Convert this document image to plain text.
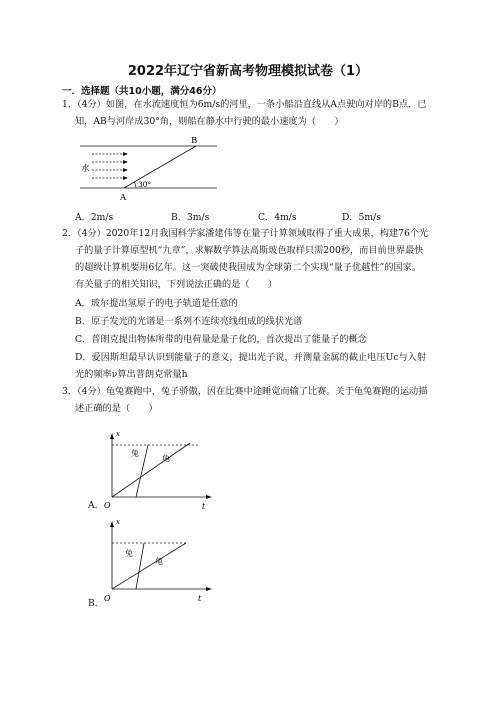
2022年辽宁省新高考物理模拟试卷（1）
一．选择题（共10小题，满分46分）
1．（4分）如图，在水流速度恒为6m/s的河里，一条小船沿直线从A点驶向对岸的B点．已
知，AB与河岸成30°角，则船在静水中行驶的最小速度为（　　）
B
A
水
30°
A．2m/s	B．3m/s	C．4m/s	D．5m/s
2．（4分）2020年12月我国科学家潘建伟等在量子计算领域取得了重大成果，构建76个光
子的量子计算原型机“九章”，求解数学算法高斯玻色取样只需200秒，而目前世界最快
的超级计算机要用6亿年。这一突破使我国成为全球第二个实现“量子优越性”的国家。
有关量子的相关知识，下列说法正确的是（　　）
A．玻尔提出氢原子的电子轨道是任意的
B．原子发光的光谱是一系列不连续亮线组成的线状光谱
C．普朗克提出物体所带的电荷量是量子化的，首次提出了能量子的概念
D．爱因斯坦最早认识到能量子的意义，提出光子说，并测量金属的截止电压Uc与入射
光的频率ν算出普朗克常量h
3．（4分）龟兔赛跑中，兔子骄傲，因在比赛中途睡觉而输了比赛。关于龟兔赛跑的运动描
述正确的是（　　）
x
t
O
兔
龟
A．
x
t
O
兔
龟
B．
